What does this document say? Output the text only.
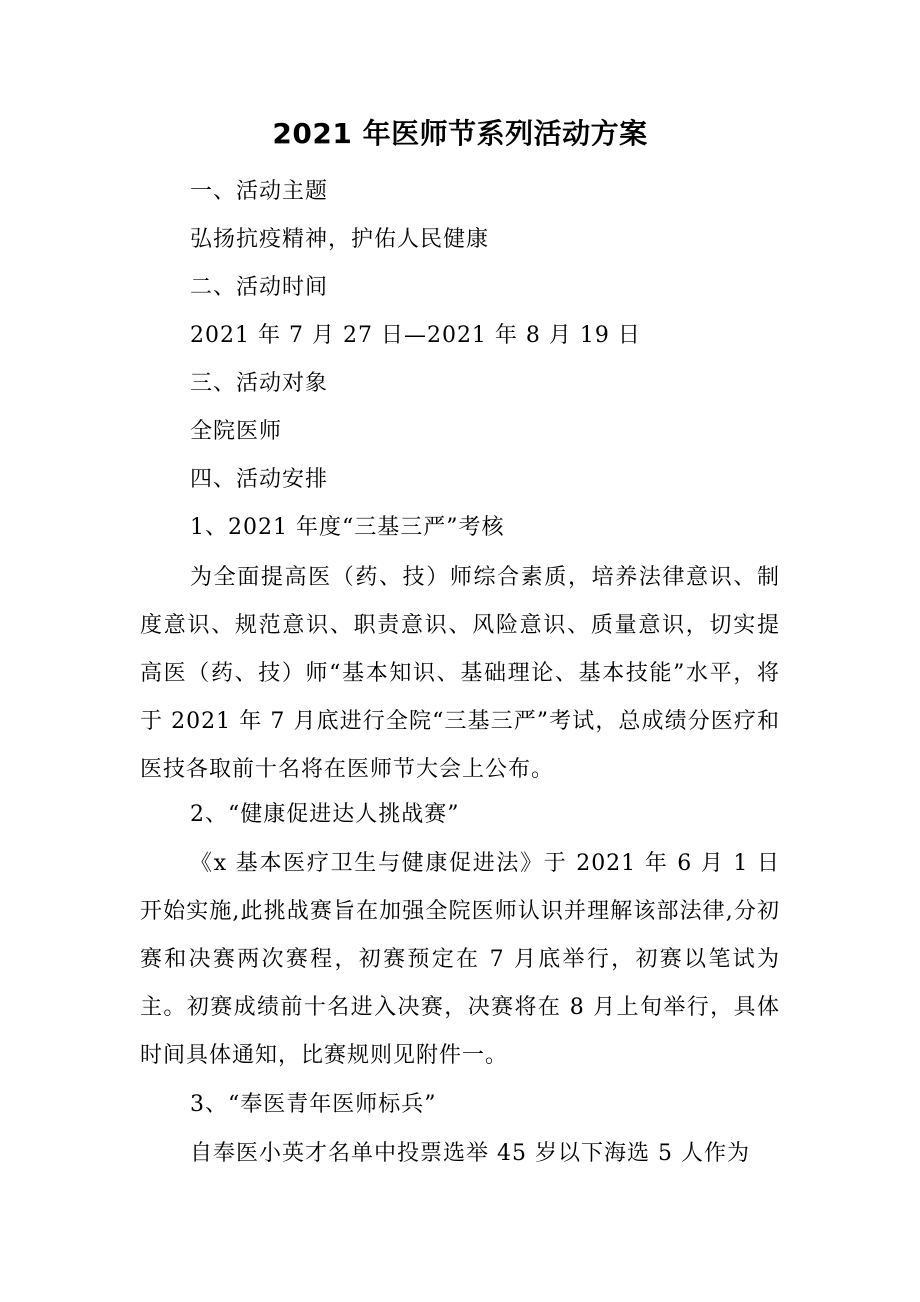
2021 年医师节系列活动方案
一、活动主题
弘扬抗疫精神，护佑人民健康
二、活动时间
2021 年 7 月 27 日—2021 年 8 月 19 日
三、活动对象
全院医师
四、活动安排
1、2021 年度“三基三严”考核
为全面提高医（药、技）师综合素质，培养法律意识、制度意识、规范意识、职责意识、风险意识、质量意识，切实提高医（药、技）师“基本知识、基础理论、基本技能”水平，将于 2021 年 7 月底进行全院“三基三严”考试，总成绩分医疗和医技各取前十名将在医师节大会上公布。
2、“健康促进达人挑战赛”
《x 基本医疗卫生与健康促进法》于 2021 年 6 月 1 日开始实施,此挑战赛旨在加强全院医师认识并理解该部法律,分初赛和决赛两次赛程，初赛预定在 7 月底举行，初赛以笔试为主。初赛成绩前十名进入决赛，决赛将在 8 月上旬举行，具体时间具体通知，比赛规则见附件一。
3、“奉医青年医师标兵”
自奉医小英才名单中投票选举 45 岁以下海选 5 人作为
